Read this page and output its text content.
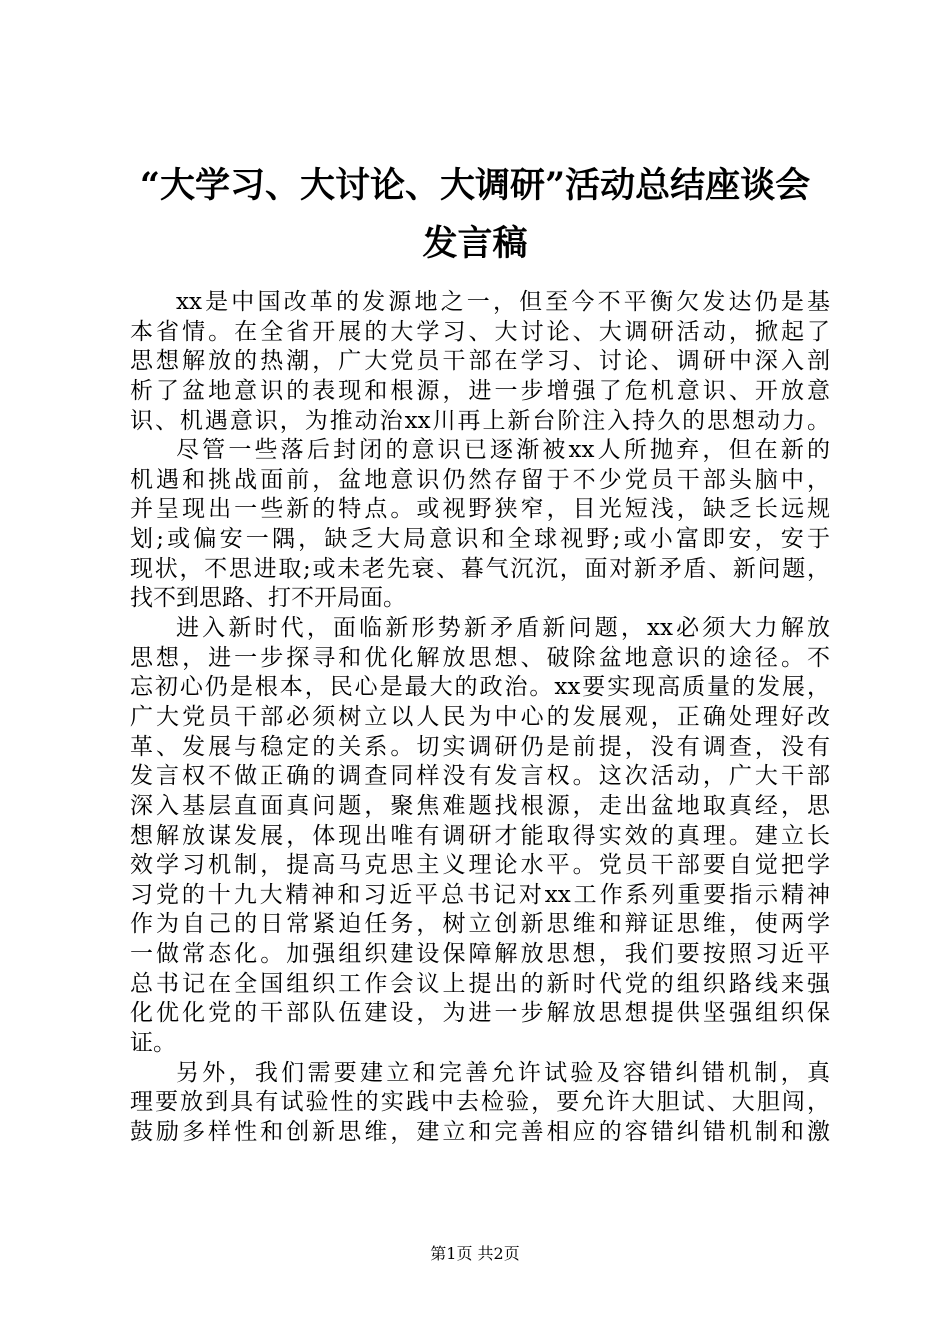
“大学习、大讨论、大调研”活动总结座谈会
发言稿
xx是中国改革的发源地之一，但至今不平衡欠发达仍是基
本省情。在全省开展的大学习、大讨论、大调研活动，掀起了
思想解放的热潮，广大党员干部在学习、讨论、调研中深入剖
析了盆地意识的表现和根源，进一步增强了危机意识、开放意
识、机遇意识，为推动治xx川再上新台阶注入持久的思想动力。
尽管一些落后封闭的意识已逐渐被xx人所抛弃，但在新的
机遇和挑战面前，盆地意识仍然存留于不少党员干部头脑中，
并呈现出一些新的特点。或视野狭窄，目光短浅，缺乏长远规
划;或偏安一隅，缺乏大局意识和全球视野;或小富即安，安于
现状，不思进取;或未老先衰、暮气沉沉，面对新矛盾、新问题，
找不到思路、打不开局面。
进入新时代，面临新形势新矛盾新问题，xx必须大力解放
思想，进一步探寻和优化解放思想、破除盆地意识的途径。不
忘初心仍是根本，民心是最大的政治。xx要实现高质量的发展，
广大党员干部必须树立以人民为中心的发展观，正确处理好改
革、发展与稳定的关系。切实调研仍是前提，没有调查，没有
发言权不做正确的调查同样没有发言权。这次活动，广大干部
深入基层直面真问题，聚焦难题找根源，走出盆地取真经，思
想解放谋发展，体现出唯有调研才能取得实效的真理。建立长
效学习机制，提高马克思主义理论水平。党员干部要自觉把学
习党的十九大精神和习近平总书记对xx工作系列重要指示精神
作为自己的日常紧迫任务，树立创新思维和辩证思维，使两学
一做常态化。加强组织建设保障解放思想，我们要按照习近平
总书记在全国组织工作会议上提出的新时代党的组织路线来强
化优化党的干部队伍建设，为进一步解放思想提供坚强组织保
证。
另外，我们需要建立和完善允许试验及容错纠错机制，真
理要放到具有试验性的实践中去检验，要允许大胆试、大胆闯，
鼓励多样性和创新思维，建立和完善相应的容错纠错机制和激
第1页 共2页
